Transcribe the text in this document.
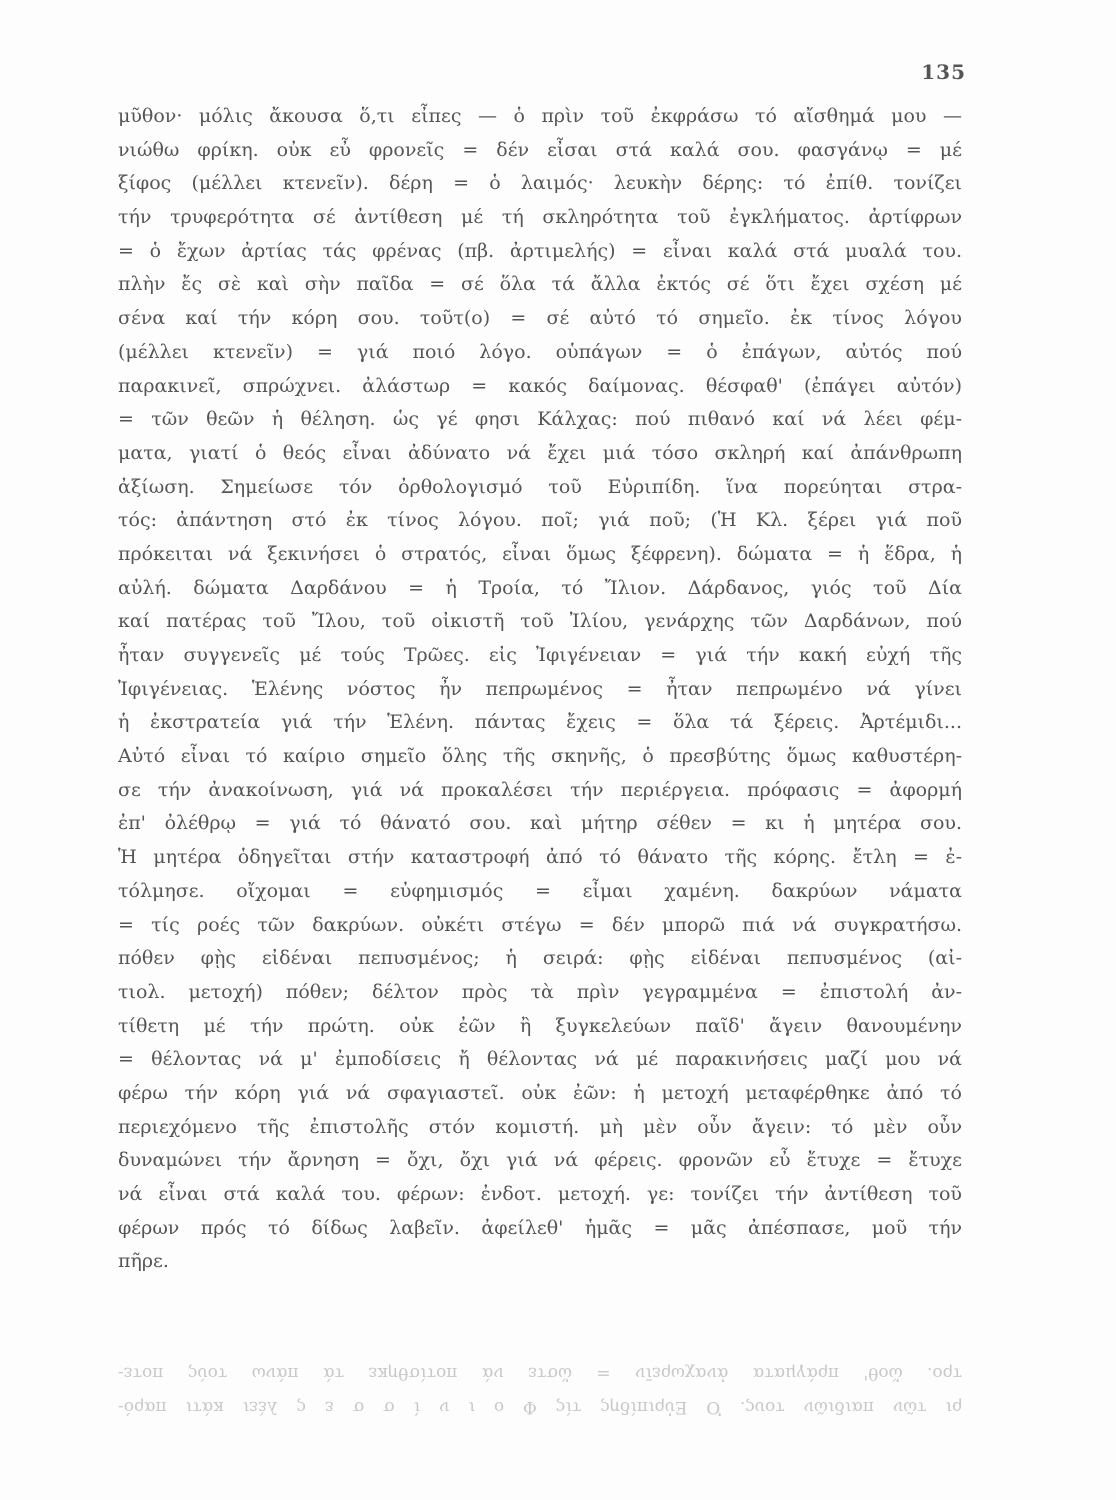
135
μῦθον· μόλις ἄκουσα ὅ,τι εἶπες — ὁ πρὶν τοῦ ἐκφράσω τό αἴσθημά μου —
νιώθω φρίκη. οὐκ εὖ φρονεῖς = δέν εἶσαι στά καλά σου. φασγάνῳ = μέ
ξίφος (μέλλει κτενεῖν). δέρη = ὁ λαιμός· λευκὴν δέρης: τό ἐπίθ. τονίζει
τήν τρυφερότητα σέ ἀντίθεση μέ τή σκληρότητα τοῦ ἐγκλήματος. ἀρτίφρων
= ὁ ἔχων ἀρτίας τάς φρένας (πβ. ἀρτιμελής) = εἶναι καλά στά μυαλά του.
πλὴν ἔς σὲ καὶ σὴν παῖδα = σέ ὅλα τά ἄλλα ἐκτός σέ ὅτι ἔχει σχέση μέ
σένα καί τήν κόρη σου. τοῦτ(ο) = σέ αὐτό τό σημεῖο. ἐκ τίνος λόγου
(μέλλει κτενεῖν) = γιά ποιό λόγο. οὑπάγων = ὁ ἐπάγων, αὐτός πού
παρακινεῖ, σπρώχνει. ἀλάστωρ = κακός δαίμονας. θέσφαθ' (ἐπάγει αὐτόν)
= τῶν θεῶν ἡ θέληση. ὡς γέ φησι Κάλχας: πού πιθανό καί νά λέει φέμ-
ματα, γιατί ὁ θεός εἶναι ἀδύνατο νά ἔχει μιά τόσο σκληρή καί ἀπάνθρωπη
ἀξίωση. Σημείωσε τόν ὀρθολογισμό τοῦ Εὐριπίδη. ἵνα πορεύηται στρα-
τός: ἀπάντηση στό ἐκ τίνος λόγου. ποῖ; γιά ποῦ; (Ἡ Κλ. ξέρει γιά ποῦ
πρόκειται νά ξεκινήσει ὁ στρατός, εἶναι ὅμως ξέφρενη). δώματα = ἡ ἕδρα, ἡ
αὐλή. δώματα Δαρδάνου = ἡ Τροία, τό Ἴλιον. Δάρδανος, γιός τοῦ Δία
καί πατέρας τοῦ Ἴλου, τοῦ οἰκιστῆ τοῦ Ἰλίου, γενάρχης τῶν Δαρδάνων, πού
ἦταν συγγενεῖς μέ τούς Τρῶες. εἰς Ἰφιγένειαν = γιά τήν κακή εὐχή τῆς
Ἰφιγένειας. Ἑλένης νόστος ἦν πεπρωμένος = ἦταν πεπρωμένο νά γίνει
ἡ ἐκστρατεία γιά τήν Ἑλένη. πάντας ἔχεις = ὅλα τά ξέρεις. Ἀρτέμιδι...
Αὐτό εἶναι τό καίριο σημεῖο ὅλης τῆς σκηνῆς, ὁ πρεσβύτης ὅμως καθυστέρη-
σε τήν ἀνακοίνωση, γιά νά προκαλέσει τήν περιέργεια. πρόφασις = ἀφορμή
ἐπ' ὀλέθρῳ = γιά τό θάνατό σου. καὶ μήτηρ σέθεν = κι ἡ μητέρα σου.
Ἡ μητέρα ὁδηγεῖται στήν καταστροφή ἀπό τό θάνατο τῆς κόρης. ἔτλη = ἐ-
τόλμησε. οἴχομαι = εὐφημισμός = εἶμαι χαμένη. δακρύων νάματα
= τίς ροές τῶν δακρύων. οὐκέτι στέγω = δέν μπορῶ πιά νά συγκρατήσω.
πόθεν φῂς εἰδέναι πεπυσμένος; ἡ σειρά: φῂς εἰδέναι πεπυσμένος (αἰ-
τιολ. μετοχή) πόθεν; δέλτον πρὸς τὰ πρὶν γεγραμμένα = ἐπιστολή ἀν-
τίθετη μέ τήν πρώτη. οὐκ ἐῶν ἢ ξυγκελεύων παῖδ' ἄγειν θανουμένην
= θέλοντας νά μ' ἐμποδίσεις ἤ θέλοντας νά μέ παρακινήσεις μαζί μου νά
φέρω τήν κόρη γιά νά σφαγιαστεῖ. οὐκ ἐῶν: ἡ μετοχή μεταφέρθηκε ἀπό τό
περιεχόμενο τῆς ἐπιστολῆς στόν κομιστή. μὴ μὲν οὖν ἄγειν: τό μὲν οὖν
δυναμώνει τήν ἄρνηση = ὄχι, ὄχι γιά νά φέρεις. φρονῶν εὖ ἔτυχε = ἔτυχε
νά εἶναι στά καλά του. φέρων: ἐνδοτ. μετοχή. γε: τονίζει τήν ἀντίθεση τοῦ
φέρων πρός τό δίδως λαβεῖν. ἀφείλεθ' ἡμᾶς = μᾶς ἀπέσπασε, μοῦ τήν
πῆρε.
τρο. ὥοθ' πράγματα ἀναχωρεῖν = ὥστε νά ποτίσθηκε τά πάνω τούς ποτε-
ρι τῶν παιδιῶν τους. Ὁ Εὐριπίδης τίς Φ ο ι ν ί σ σ ε ς λέει κάτι παρό-
